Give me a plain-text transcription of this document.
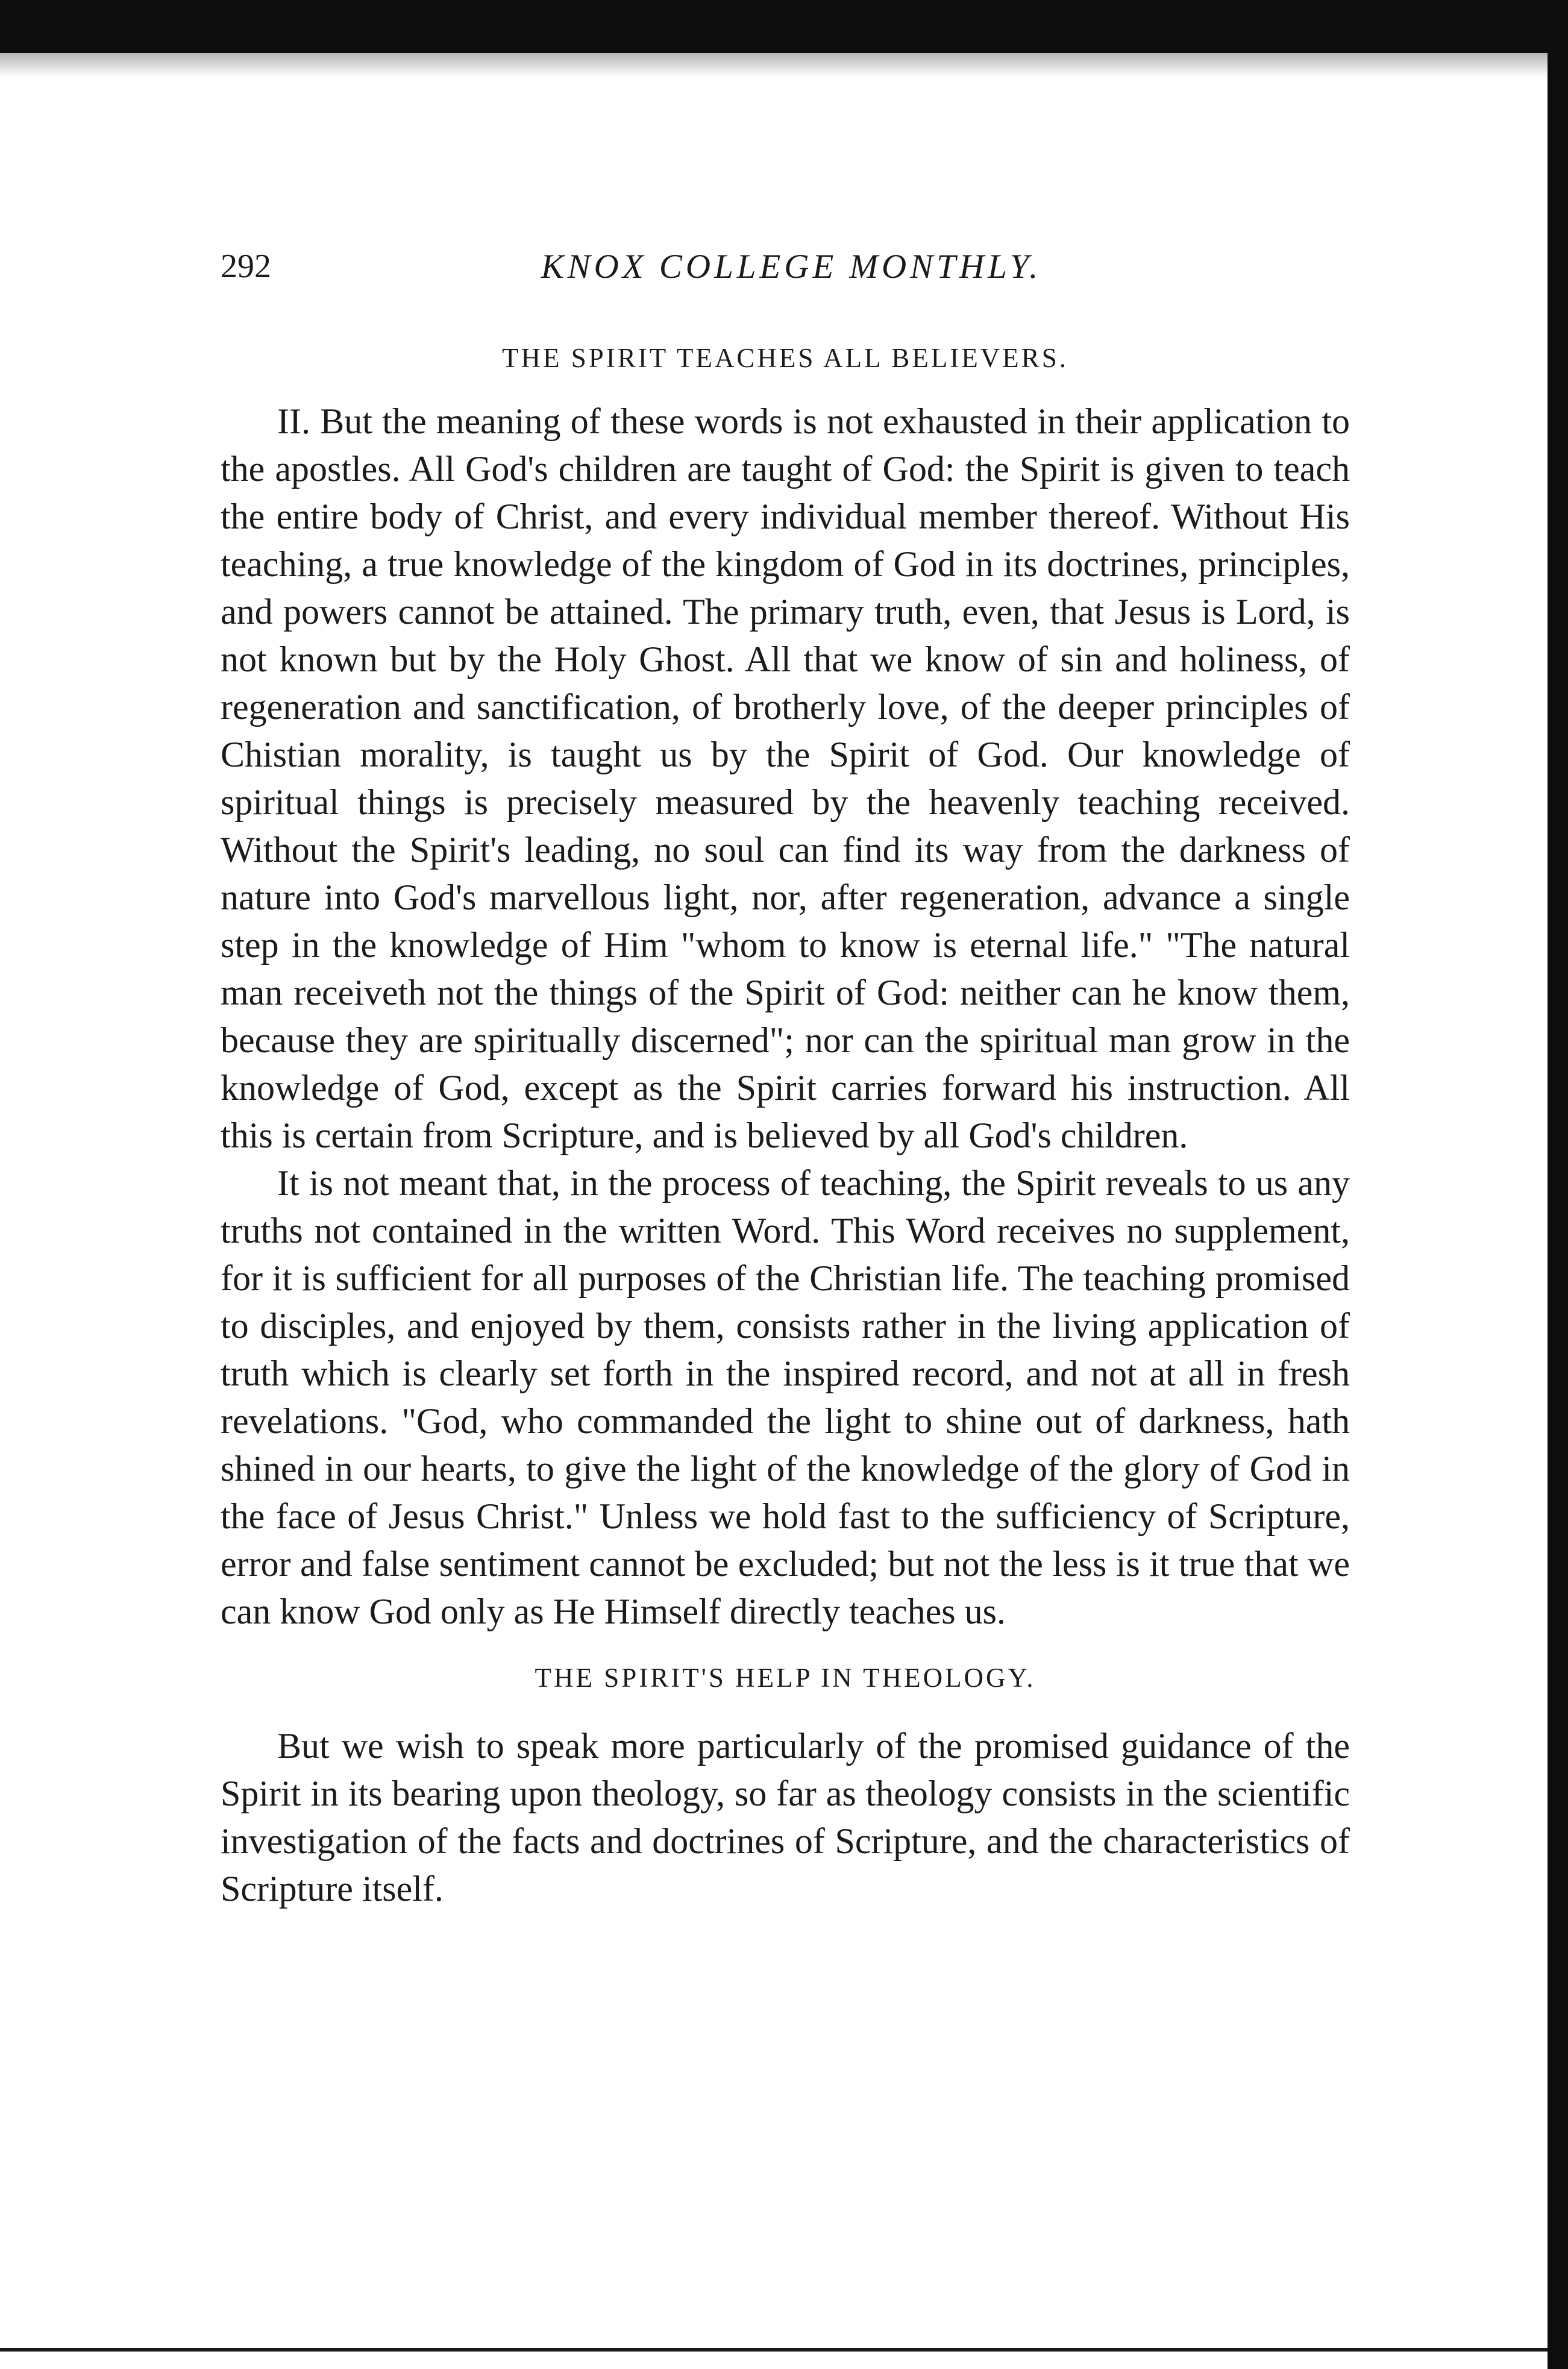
292	KNOX COLLEGE MONTHLY.
THE SPIRIT TEACHES ALL BELIEVERS.

II. But the meaning of these words is not exhausted in their application to the apostles. All God's children are taught of God: the Spirit is given to teach the entire body of Christ, and every individual member thereof. Without His teaching, a true knowledge of the kingdom of God in its doctrines, principles, and powers cannot be attained. The primary truth, even, that Jesus is Lord, is not known but by the Holy Ghost. All that we know of sin and holiness, of regeneration and sanctification, of brotherly love, of the deeper principles of Chistian morality, is taught us by the Spirit of God. Our knowledge of spiritual things is precisely measured by the heavenly teaching received. Without the Spirit's leading, no soul can find its way from the darkness of nature into God's marvellous light, nor, after regeneration, advance a single step in the knowledge of Him "whom to know is eternal life." "The natural man receiveth not the things of the Spirit of God: neither can he know them, because they are spiritually discerned"; nor can the spiritual man grow in the knowledge of God, except as the Spirit carries forward his instruction. All this is certain from Scripture, and is believed by all God's children.

It is not meant that, in the process of teaching, the Spirit reveals to us any truths not contained in the written Word. This Word receives no supplement, for it is sufficient for all purposes of the Christian life. The teaching promised to disciples, and enjoyed by them, consists rather in the living application of truth which is clearly set forth in the inspired record, and not at all in fresh revelations. "God, who commanded the light to shine out of darkness, hath shined in our hearts, to give the light of the knowledge of the glory of God in the face of Jesus Christ." Unless we hold fast to the sufficiency of Scripture, error and false sentiment cannot be excluded; but not the less is it true that we can know God only as He Himself directly teaches us.

THE SPIRIT'S HELP IN THEOLOGY.

But we wish to speak more particularly of the promised guidance of the Spirit in its bearing upon theology, so far as theology consists in the scientific investigation of the facts and doctrines of Scripture, and the characteristics of Scripture itself.
